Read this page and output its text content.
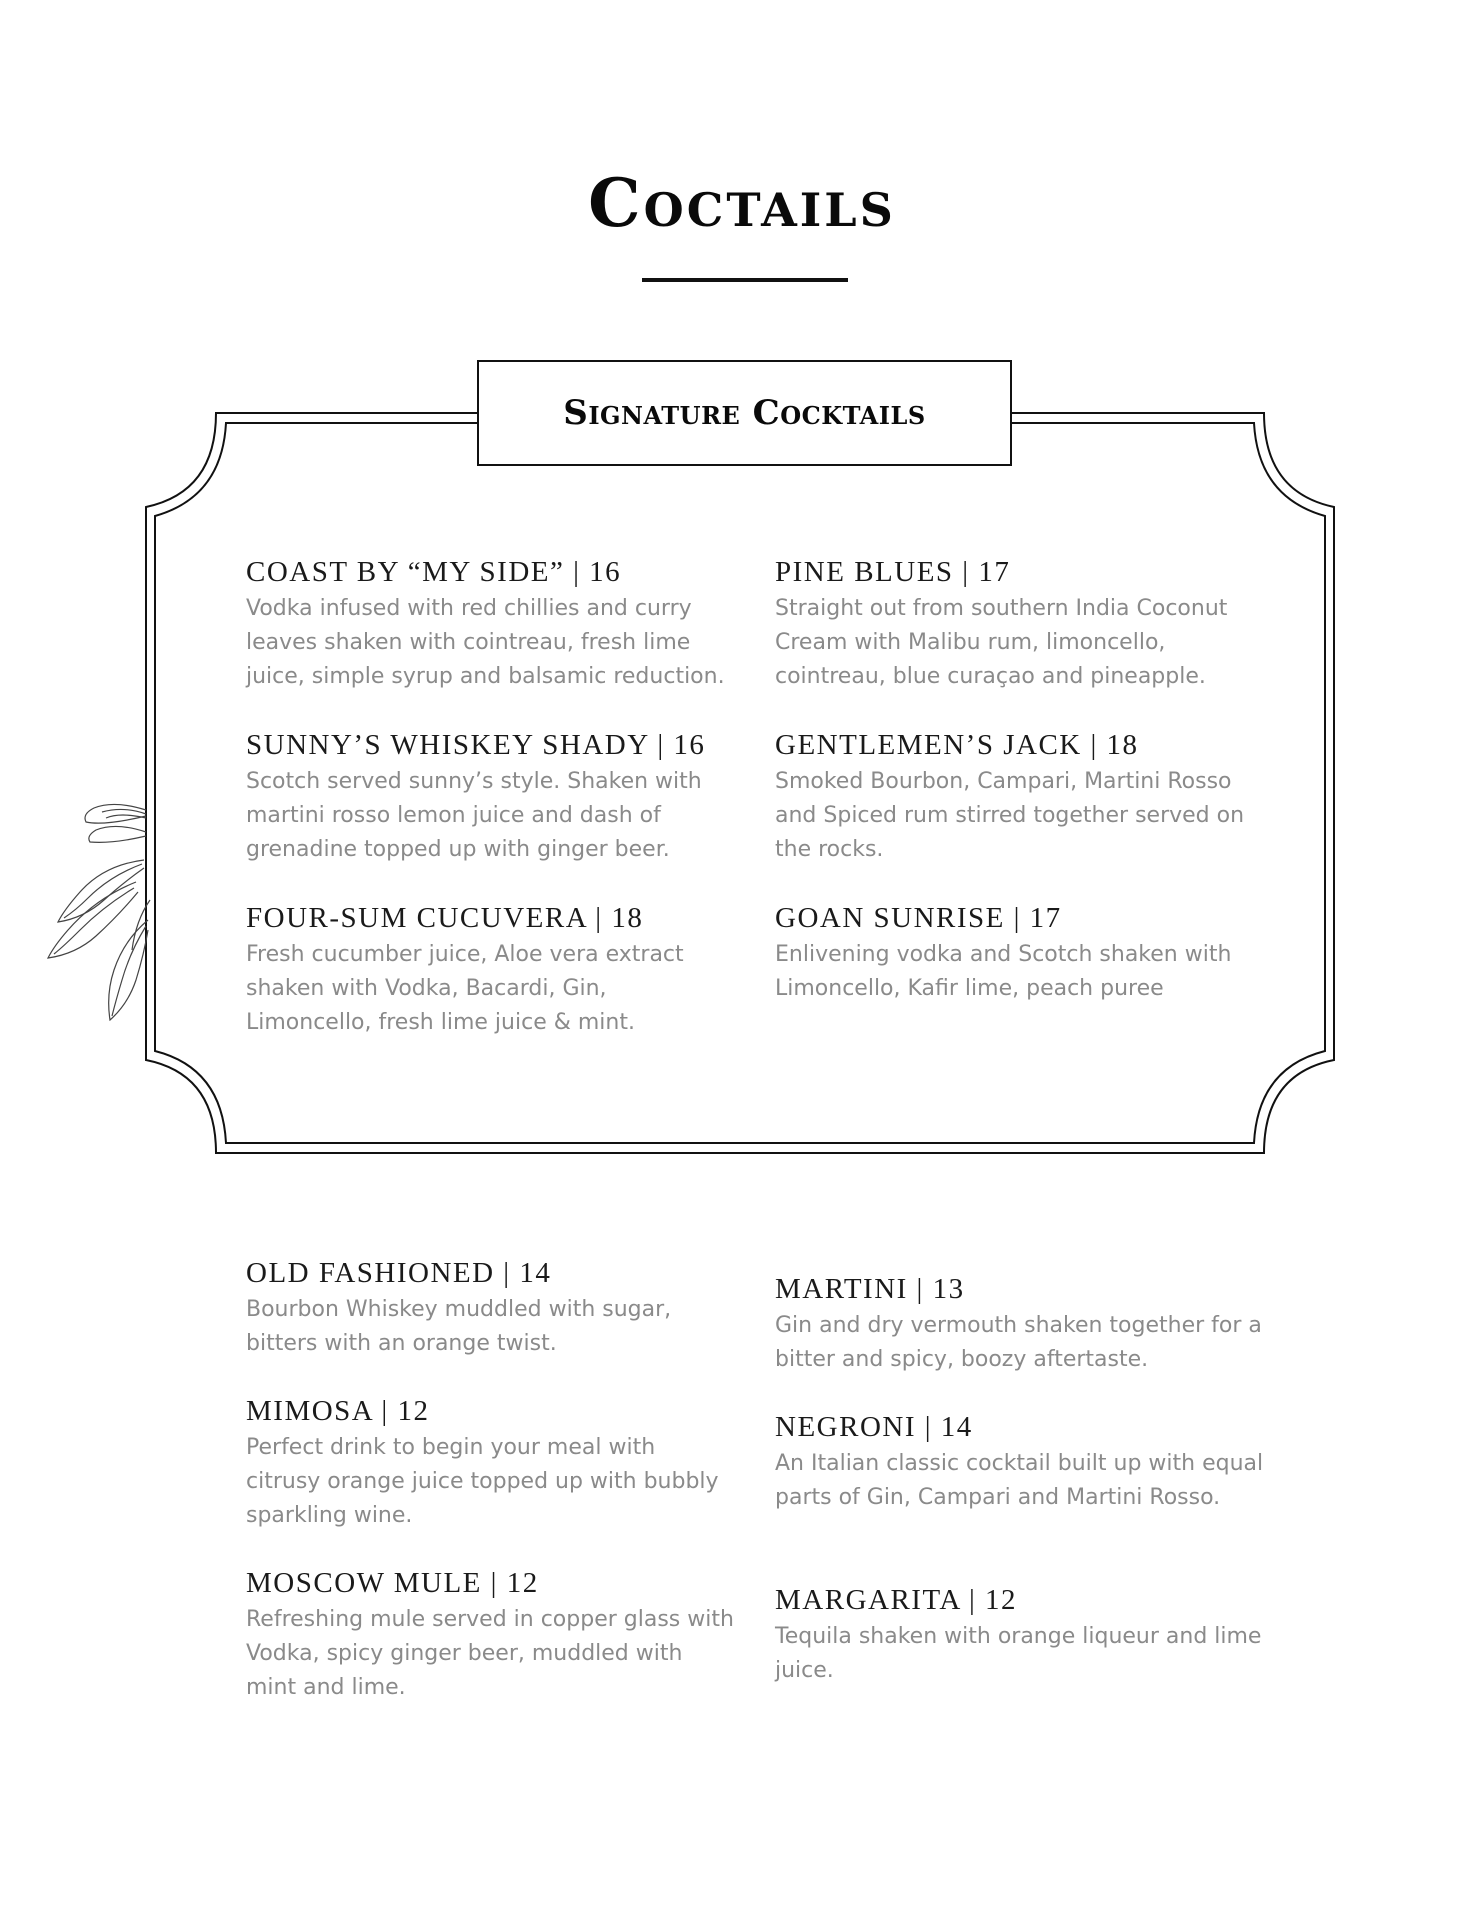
Coctails
Signature Cocktails
COAST BY “MY SIDE” | 16
Vodka infused with red chillies and curry leaves shaken with cointreau, fresh lime juice, simple syrup and balsamic reduction.
PINE BLUES | 17
Straight out from southern India Coconut Cream with Malibu rum, limoncello, cointreau, blue curaçao and pineapple.
SUNNY’S WHISKEY SHADY | 16
Scotch served sunny’s style. Shaken with martini rosso lemon juice and dash of grenadine topped up with ginger beer.
GENTLEMEN’S JACK | 18
Smoked Bourbon, Campari, Martini Rosso and Spiced rum stirred together served on the rocks.
FOUR-SUM CUCUVERA | 18
Fresh cucumber juice, Aloe vera extract shaken with Vodka, Bacardi, Gin, Limoncello, fresh lime juice & mint.
GOAN SUNRISE | 17
Enlivening vodka and Scotch shaken with Limoncello, Kafir lime, peach puree
OLD FASHIONED | 14
Bourbon Whiskey muddled with sugar, bitters with an orange twist.
MARTINI | 13
Gin and dry vermouth shaken together for a bitter and spicy, boozy aftertaste.
MIMOSA | 12
Perfect drink to begin your meal with citrusy orange juice topped up with bubbly sparkling wine.
NEGRONI | 14
An Italian classic cocktail built up with equal parts of Gin, Campari and Martini Rosso.
MOSCOW MULE | 12
Refreshing mule served in copper glass with Vodka, spicy ginger beer, muddled with mint and lime.
MARGARITA | 12
Tequila shaken with orange liqueur and lime juice.
